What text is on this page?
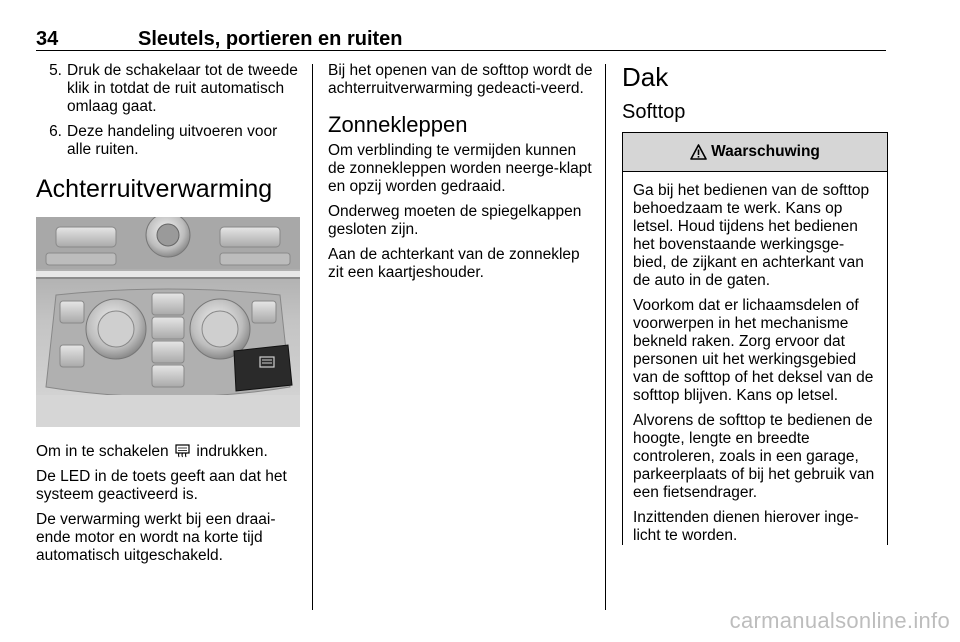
34	Sleutels, portieren en ruiten
5. Druk de schakelaar tot de tweede klik in totdat de ruit automatisch omlaag gaat.
6. Deze handeling uitvoeren voor alle ruiten.
Achterruitverwarming

Om in te schakelen indrukken.

De LED in de toets geeft aan dat het systeem geactiveerd is.

De verwarming werkt bij een draai-ende motor en wordt na korte tijd automatisch uitgeschakeld.

Bij het openen van de softtop wordt de achterruitverwarming gedeacti-veerd.

Zonnekleppen

Om verblinding te vermijden kunnen de zonnekleppen worden neerge-klapt en opzij worden gedraaid.

Onderweg moeten de spiegelkappen gesloten zijn.

Aan de achterkant van de zonneklep zit een kaartjeshouder.

Dak
Softtop
Waarschuwing

Ga bij het bedienen van de softtop behoedzaam te werk. Kans op letsel. Houd tijdens het bedienen het bovenstaande werkingsge-bied, de zijkant en achterkant van de auto in de gaten.

Voorkom dat er lichaamsdelen of voorwerpen in het mechanisme bekneld raken. Zorg ervoor dat personen uit het werkingsgebied van de softtop of het deksel van de softtop blijven. Kans op letsel.

Alvorens de softtop te bedienen de hoogte, lengte en breedte controleren, zoals in een garage, parkeerplaats of bij het gebruik van een fietsendrager.

Inzittenden dienen hierover inge-licht te worden.

carmanualsonline.info
